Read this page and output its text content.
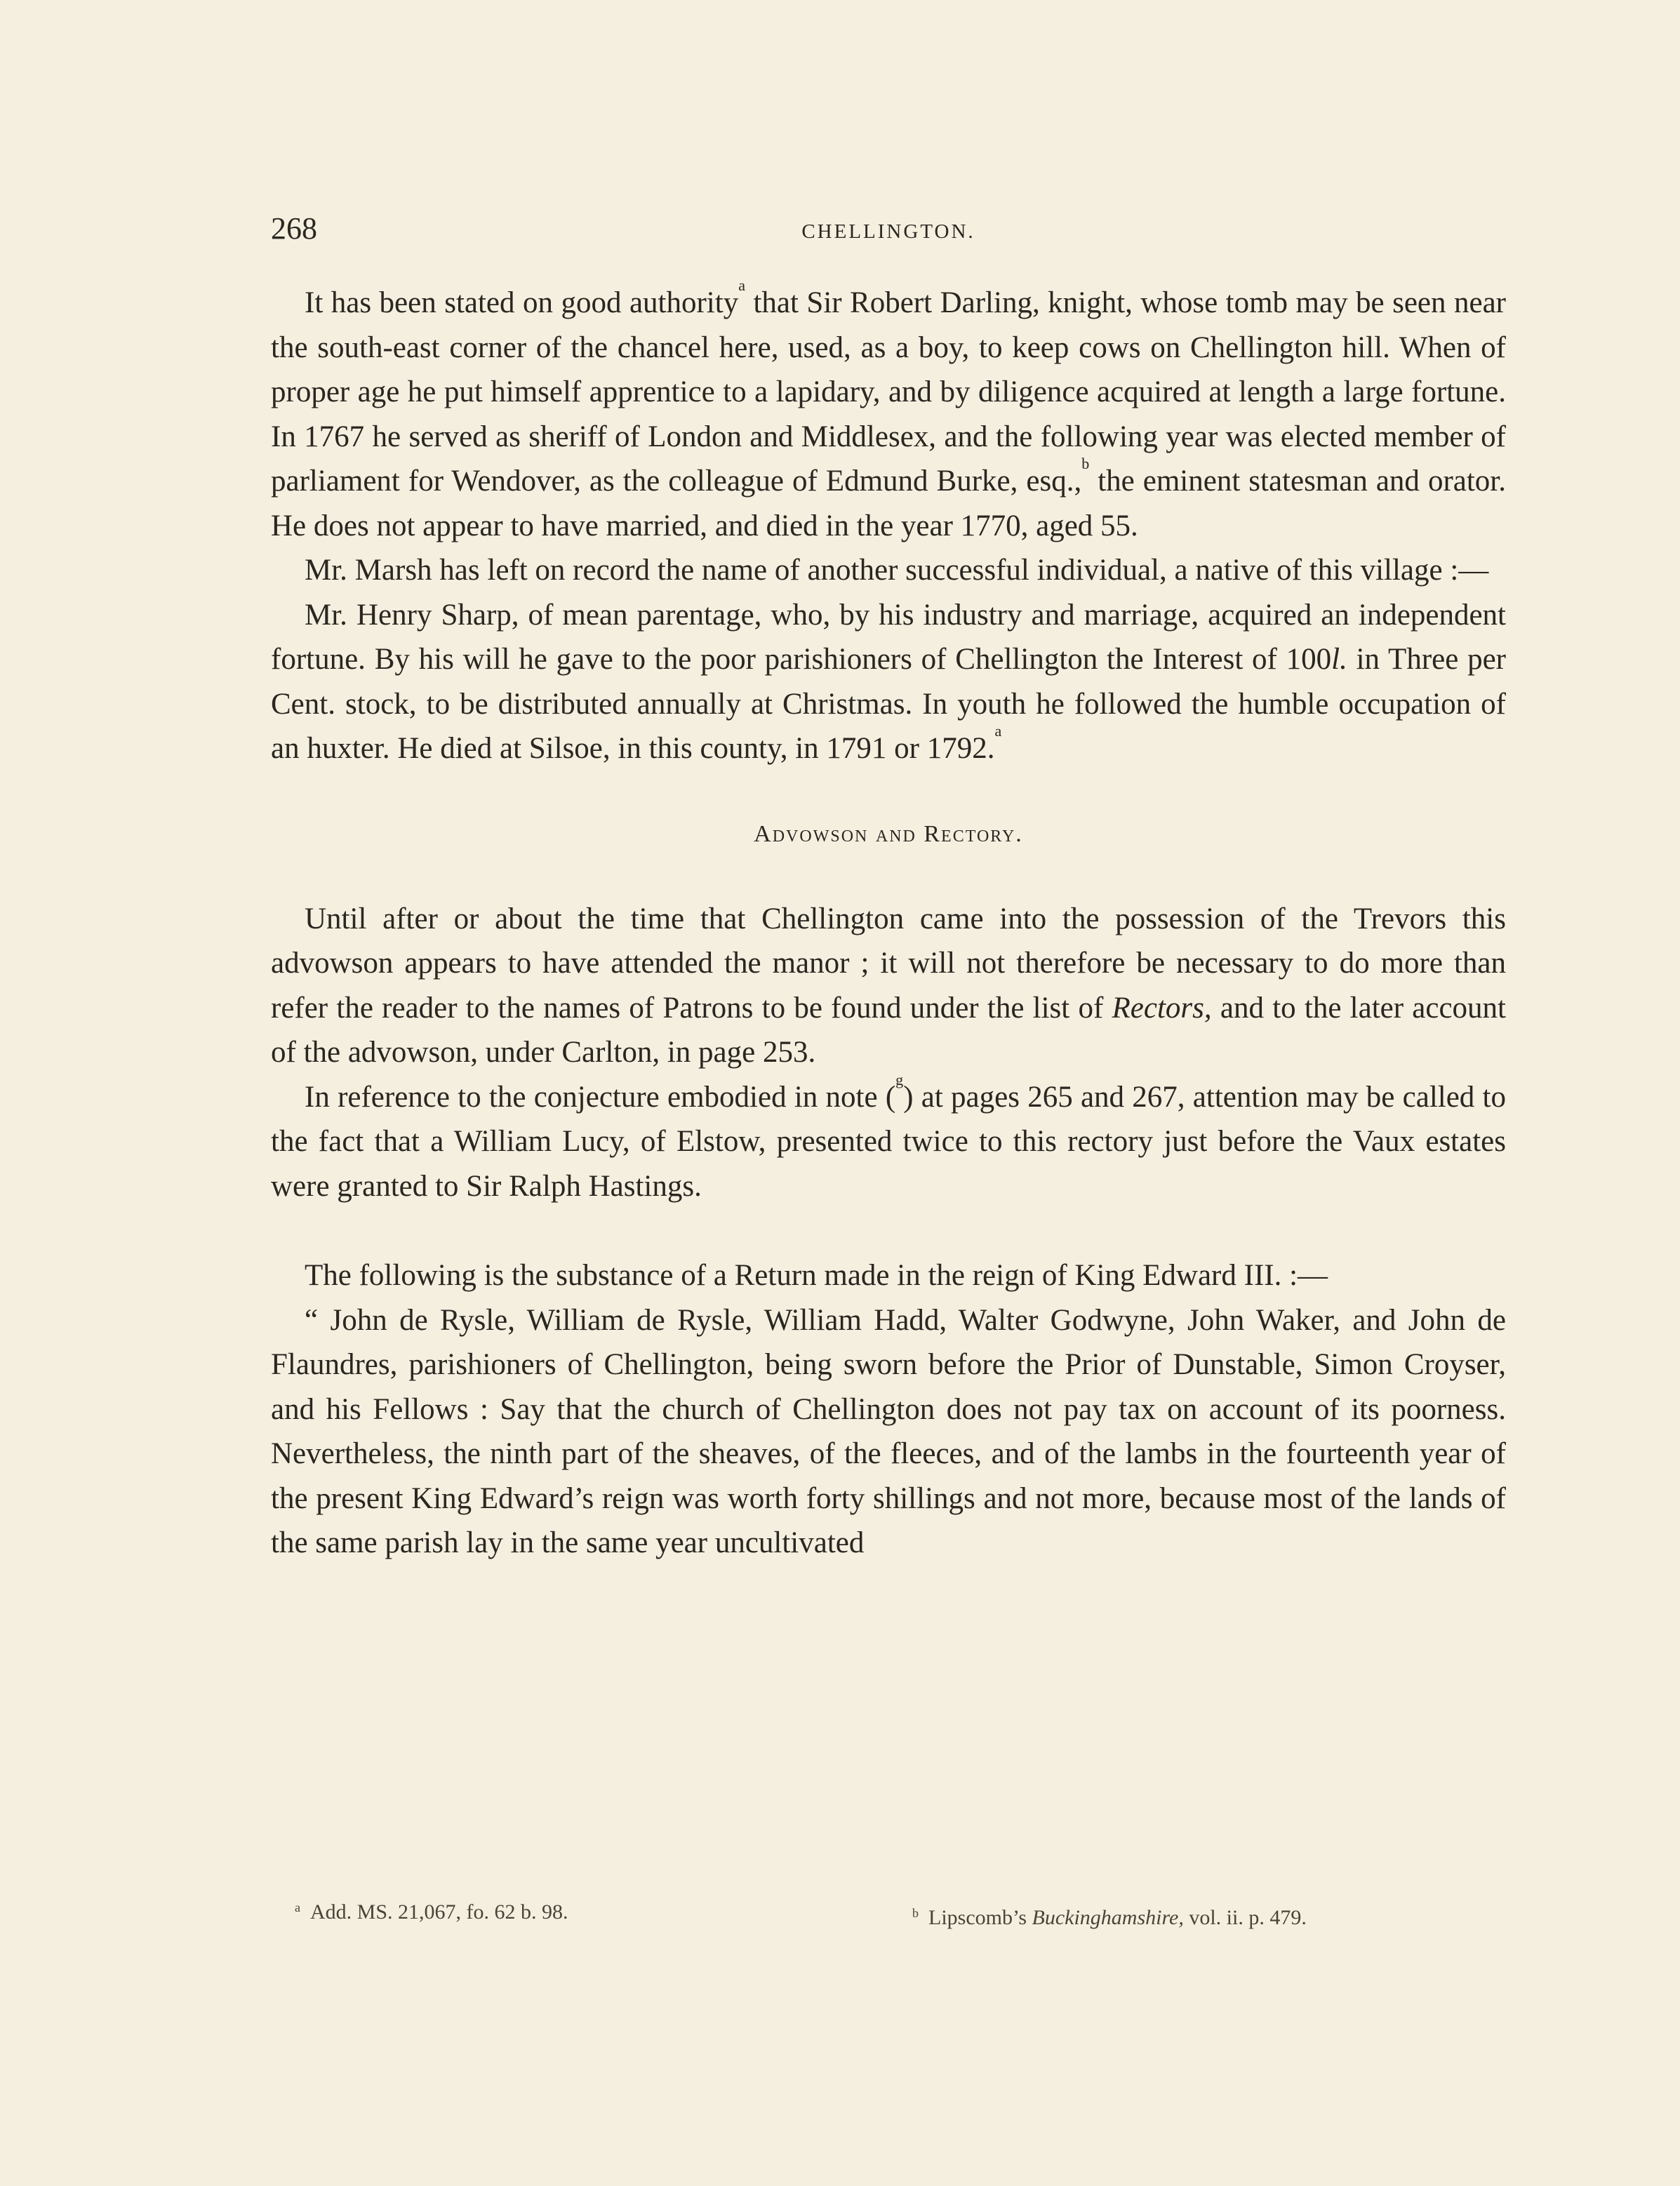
268	CHELLINGTON.

It has been stated on good authority$^a$ that Sir Robert Darling, knight, whose tomb may be seen near the south-east corner of the chancel here, used, as a boy, to keep cows on Chellington hill. When of proper age he put himself apprentice to a lapidary, and by diligence acquired at length a large fortune. In 1767 he served as sheriff of London and Middlesex, and the following year was elected member of parliament for Wendover, as the colleague of Edmund Burke, esq.,$^b$ the eminent statesman and orator. He does not appear to have married, and died in the year 1770, aged 55.

Mr. Marsh has left on record the name of another successful individual, a native of this village :—

Mr. Henry Sharp, of mean parentage, who, by his industry and marriage, acquired an independent fortune. By his will he gave to the poor parishioners of Chellington the Interest of 100l. in Three per Cent. stock, to be distributed annually at Christmas. In youth he followed the humble occupation of an huxter. He died at Silsoe, in this county, in 1791 or 1792.$^a$

Advowson and Rectory.

Until after or about the time that Chellington came into the possession of the Trevors this advowson appears to have attended the manor ; it will not therefore be necessary to do more than refer the reader to the names of Patrons to be found under the list of Rectors, and to the later account of the advowson, under Carlton, in page 253.

In reference to the conjecture embodied in note ($^g$) at pages 265 and 267, attention may be called to the fact that a William Lucy, of Elstow, presented twice to this rectory just before the Vaux estates were granted to Sir Ralph Hastings.

The following is the substance of a Return made in the reign of King Edward III. :—

“ John de Rysle, William de Rysle, William Hadd, Walter Godwyne, John Waker, and John de Flaundres, parishioners of Chellington, being sworn before the Prior of Dunstable, Simon Croyser, and his Fellows : Say that the church of Chellington does not pay tax on account of its poorness. Nevertheless, the ninth part of the sheaves, of the fleeces, and of the lambs in the fourteenth year of the present King Edward’s reign was worth forty shillings and not more, because most of the lands of the same parish lay in the same year uncultivated

$^a$ Add. MS. 21,067, fo. 62 b. 98.	$^b$ Lipscomb’s Buckinghamshire, vol. ii. p. 479.
